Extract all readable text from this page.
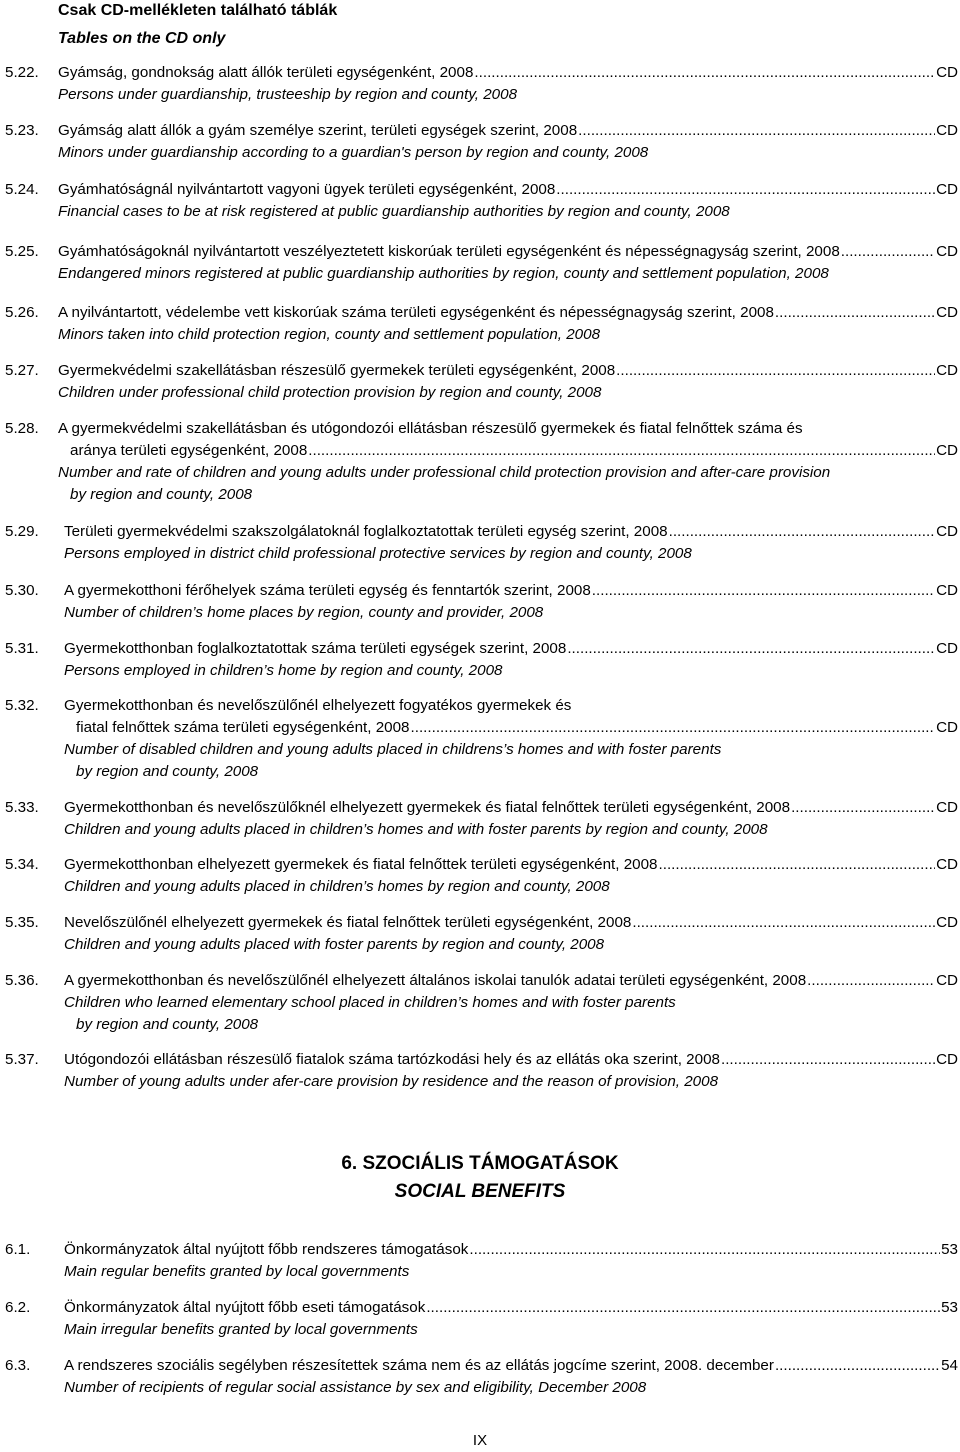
Csak CD-mellékleten található táblák
Tables on the CD only
5.22. Gyámság, gondnokság alatt állók területi egységenként, 2008 .....	CD
Persons under guardianship, trusteeship by region and county, 2008
5.23. Gyámság alatt állók a gyám személye szerint, területi egységek szerint, 2008 .....	CD
Minors under guardianship according to a guardian's person by region and county, 2008
5.24. Gyámhatóságnál nyilvántartott vagyoni ügyek területi egységenként, 2008 .....	CD
Financial cases to be at risk registered at public guardianship authorities by region and county, 2008
5.25. Gyámhatóságoknál nyilvántartott veszélyeztetett kiskorúak területi egységenként és népességnagyság szerint, 2008 .....	CD
Endangered minors registered at public guardianship authorities by region, county and settlement population, 2008
5.26. A nyilvántartott, védelembe vett kiskorúak száma területi egységenként és népességnagyság szerint, 2008 .....	CD
Minors taken into child protection region, county and settlement population, 2008
5.27. Gyermekvédelmi szakellátásban részesülő gyermekek területi egységenként, 2008 .....	CD
Children under professional child protection provision by region and county, 2008
5.28. A gyermekvédelmi szakellátásban és utógondozói ellátásban részesülő gyermekek és fiatal felnőttek száma és
aránya területi egységenként, 2008 .....	CD
Number and rate of children and young adults under professional child protection provision and after-care provision
by region and county, 2008
5.29. Területi gyermekvédelmi szakszolgálatoknál foglalkoztatottak területi egység szerint, 2008 .....	CD
Persons employed in district child professional protective services by region and county, 2008
5.30. A gyermekotthoni férőhelyek száma területi egység és fenntartók szerint, 2008 .....	CD
Number of children’s home places by region, county and provider, 2008
5.31. Gyermekotthonban foglalkoztatottak száma területi egységek szerint, 2008 .....	CD
Persons employed in children’s home by region and county, 2008
5.32. Gyermekotthonban és nevelőszülőnél elhelyezett fogyatékos gyermekek és
fiatal felnőttek száma területi egységenként, 2008 .....	CD
Number of disabled children and young adults placed in childrens’s homes and with foster parents
by region and county, 2008
5.33. Gyermekotthonban és nevelőszülőknél elhelyezett gyermekek és fiatal felnőttek területi egységenként, 2008 .....	CD
Children and young adults placed in children’s homes and with foster parents by region and county, 2008
5.34. Gyermekotthonban elhelyezett gyermekek és fiatal felnőttek területi egységenként, 2008 .....	CD
Children and young adults placed in children’s homes by region and county, 2008
5.35. Nevelőszülőnél elhelyezett gyermekek és fiatal felnőttek területi egységenként, 2008 .....	CD
Children and young adults placed with foster parents by region and county, 2008
5.36. A gyermekotthonban és nevelőszülőnél elhelyezett általános iskolai tanulók adatai területi egységenként, 2008 .....	CD
Children who learned elementary school placed in children’s homes and with foster parents
by region and county, 2008
5.37. Utógondozói ellátásban részesülő fiatalok száma tartózkodási hely és az ellátás oka szerint, 2008 .....	CD
Number of young adults under afer-care provision by residence and the reason of provision, 2008
6. SZOCIÁLIS TÁMOGATÁSOK
SOCIAL BENEFITS
6.1. Önkormányzatok által nyújtott főbb rendszeres támogatások .....	53
Main regular benefits granted by local governments
6.2. Önkormányzatok által nyújtott főbb eseti támogatások .....	53
Main irregular benefits granted by local governments
6.3. A rendszeres szociális segélyben részesítettek száma nem és az ellátás jogcíme szerint, 2008. december .....	54
Number of recipients of regular social assistance by sex and eligibility, December 2008
IX
